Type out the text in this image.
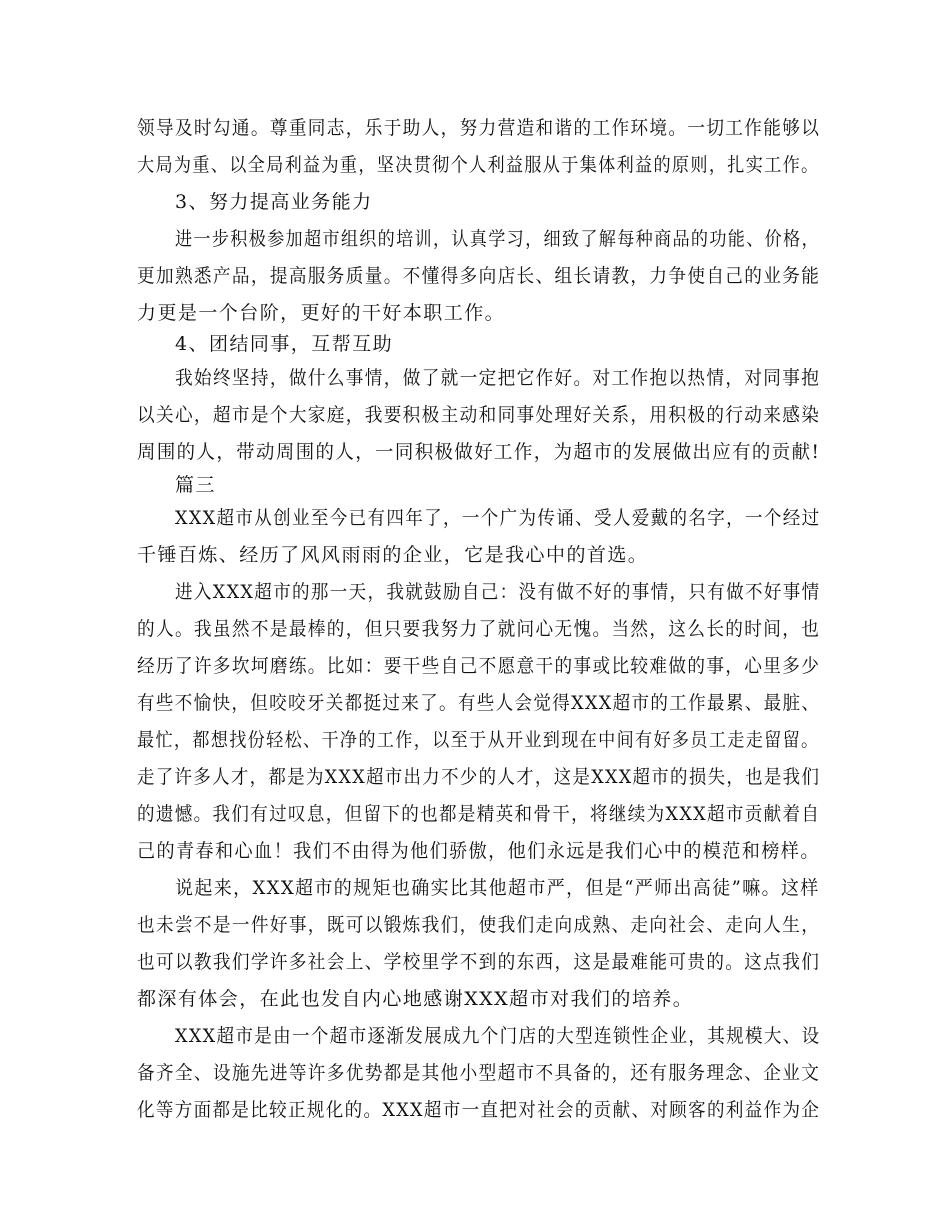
领导及时勾通。尊重同志，乐于助人，努力营造和谐的工作环境。一切工作能够以
大局为重、以全局利益为重，坚决贯彻个人利益服从于集体利益的原则，扎实工作。
3、努力提高业务能力
进一步积极参加超市组织的培训，认真学习，细致了解每种商品的功能、价格，
更加熟悉产品，提高服务质量。不懂得多向店长、组长请教，力争使自己的业务能
力更是一个台阶，更好的干好本职工作。
4、团结同事，互帮互助
我始终坚持，做什么事情，做了就一定把它作好。对工作抱以热情，对同事抱
以关心，超市是个大家庭，我要积极主动和同事处理好关系，用积极的行动来感染
周围的人，带动周围的人，一同积极做好工作，为超市的发展做出应有的贡献!
篇三
XXX超市从创业至今已有四年了，一个广为传诵、受人爱戴的名字，一个经过
千锤百炼、经历了风风雨雨的企业，它是我心中的首选。
进入XXX超市的那一天，我就鼓励自己：没有做不好的事情，只有做不好事情
的人。我虽然不是最棒的，但只要我努力了就问心无愧。当然，这么长的时间，也
经历了许多坎坷磨练。比如：要干些自己不愿意干的事或比较难做的事，心里多少
有些不愉快，但咬咬牙关都挺过来了。有些人会觉得XXX超市的工作最累、最脏、
最忙，都想找份轻松、干净的工作，以至于从开业到现在中间有好多员工走走留留。
走了许多人才，都是为XXX超市出力不少的人才，这是XXX超市的损失，也是我们
的遗憾。我们有过叹息，但留下的也都是精英和骨干，将继续为XXX超市贡献着自
己的青春和心血！我们不由得为他们骄傲，他们永远是我们心中的模范和榜样。
说起来，XXX超市的规矩也确实比其他超市严，但是“严师出高徒”嘛。这样
也未尝不是一件好事，既可以锻炼我们，使我们走向成熟、走向社会、走向人生，
也可以教我们学许多社会上、学校里学不到的东西，这是最难能可贵的。这点我们
都深有体会，在此也发自内心地感谢XXX超市对我们的培养。
XXX超市是由一个超市逐渐发展成九个门店的大型连锁性企业，其规模大、设
备齐全、设施先进等许多优势都是其他小型超市不具备的，还有服务理念、企业文
化等方面都是比较正规化的。XXX超市一直把对社会的贡献、对顾客的利益作为企
